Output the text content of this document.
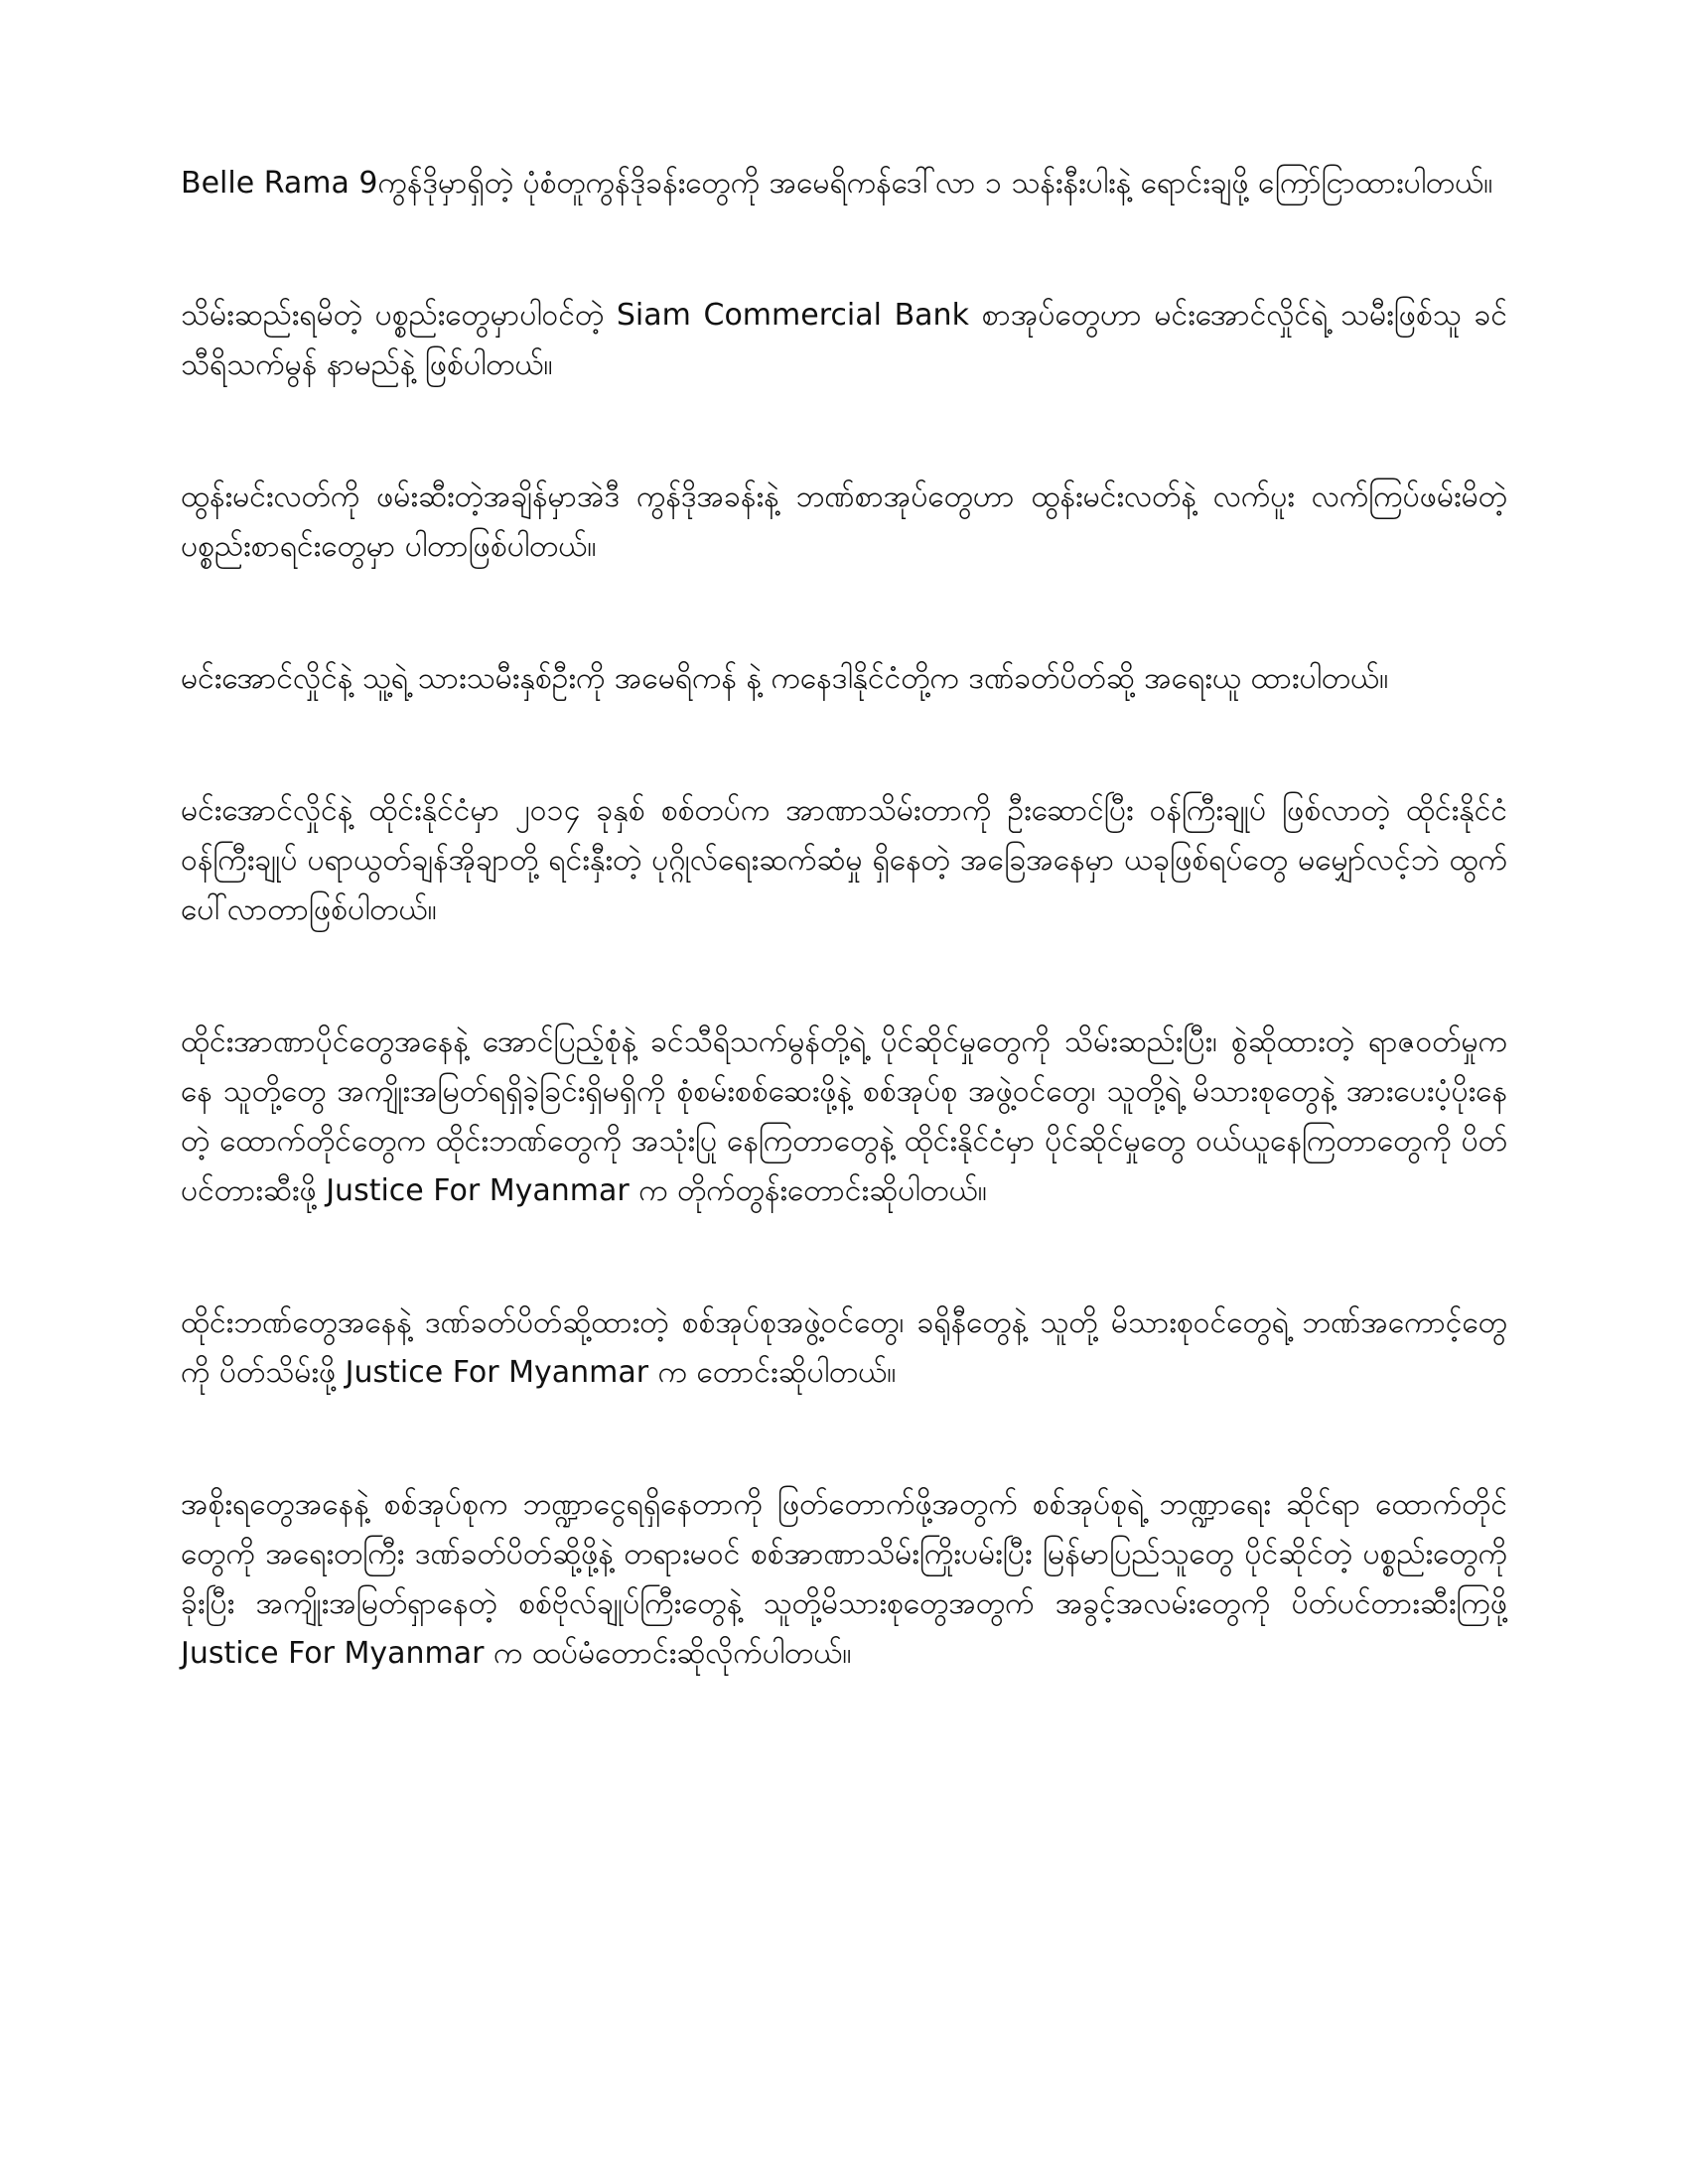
Belle Rama 9ကွန်ဒိုမှာရှိတဲ့ ပုံစံတူကွန်ဒိုခန်းတွေကို အမေရိကန်ဒေါ်လာ ၁ သန်းနီးပါးနဲ့ ရောင်းချဖို့ ကြော်ငြာထားပါတယ်။

သိမ်းဆည်းရမိတဲ့ ပစ္စည်းတွေမှာပါဝင်တဲ့ Siam Commercial Bank စာအုပ်တွေဟာ မင်းအောင်လှိုင်ရဲ့ သမီးဖြစ်သူ ခင်သီရိသက်မွန် နာမည်နဲ့ ဖြစ်ပါတယ်။

ထွန်းမင်းလတ်ကို ဖမ်းဆီးတဲ့အချိန်မှာအဲဒီ ကွန်ဒိုအခန်းနဲ့ ဘဏ်စာအုပ်တွေဟာ ထွန်းမင်းလတ်နဲ့ လက်ပူး လက်ကြပ်ဖမ်းမိတဲ့ ပစ္စည်းစာရင်းတွေမှာ ပါတာဖြစ်ပါတယ်။

မင်းအောင်လှိုင်နဲ့ သူ့ရဲ့ သားသမီးနှစ်ဦးကို အမေရိကန် နဲ့ ကနေဒါနိုင်ငံတို့က ဒဏ်ခတ်ပိတ်ဆို့ အရေးယူ ထားပါတယ်။

မင်းအောင်လှိုင်နဲ့ ထိုင်းနိုင်ငံမှာ ၂၀၁၄ ခုနှစ် စစ်တပ်က အာဏာသိမ်းတာကို ဦးဆောင်ပြီး ဝန်ကြီးချုပ် ဖြစ်လာတဲ့ ထိုင်းနိုင်ငံဝန်ကြီးချုပ် ပရာယွတ်ချန်အိုချာတို့ ရင်းနှီးတဲ့ ပုဂ္ဂိုလ်ရေးဆက်ဆံမှု ရှိနေတဲ့ အခြေအနေမှာ ယခုဖြစ်ရပ်တွေ မမျှော်လင့်ဘဲ ထွက်ပေါ်လာတာဖြစ်ပါတယ်။

ထိုင်းအာဏာပိုင်တွေအနေနဲ့ အောင်ပြည့်စုံနဲ့ ခင်သီရိသက်မွန်တို့ရဲ့ ပိုင်ဆိုင်မှုတွေကို သိမ်းဆည်းပြီး၊ စွဲဆိုထားတဲ့ ရာဇဝတ်မှုကနေ သူတို့တွေ အကျိုးအမြတ်ရရှိခဲ့ခြင်းရှိမရှိကို စုံစမ်းစစ်ဆေးဖို့နဲ့ စစ်အုပ်စု အဖွဲ့ဝင်တွေ၊ သူတို့ရဲ့ မိသားစုတွေနဲ့ အားပေးပံ့ပိုးနေတဲ့ ထောက်တိုင်တွေက ထိုင်းဘဏ်တွေကို အသုံးပြု နေကြတာတွေနဲ့ ထိုင်းနိုင်ငံမှာ ပိုင်ဆိုင်မှုတွေ ဝယ်ယူနေကြတာတွေကို ပိတ်ပင်တားဆီးဖို့ Justice For Myanmar က တိုက်တွန်းတောင်းဆိုပါတယ်။

ထိုင်းဘဏ်တွေအနေနဲ့ ဒဏ်ခတ်ပိတ်ဆို့ထားတဲ့ စစ်အုပ်စုအဖွဲ့ဝင်တွေ၊ ခရိုနီတွေနဲ့ သူတို့ မိသားစုဝင်တွေရဲ့ ဘဏ်အကောင့်တွေကို ပိတ်သိမ်းဖို့ Justice For Myanmar က တောင်းဆိုပါတယ်။

အစိုးရတွေအနေနဲ့ စစ်အုပ်စုက ဘဏ္ဍာငွေရရှိနေတာကို ဖြတ်တောက်ဖို့အတွက် စစ်အုပ်စုရဲ့ ဘဏ္ဍာရေး ဆိုင်ရာ ထောက်တိုင်တွေကို အရေးတကြီး ဒဏ်ခတ်ပိတ်ဆို့ဖို့နဲ့ တရားမဝင် စစ်အာဏာသိမ်းကြိုးပမ်းပြီး မြန်မာပြည်သူတွေ ပိုင်ဆိုင်တဲ့ ပစ္စည်းတွေကို ခိုးပြီး အကျိုးအမြတ်ရှာနေတဲ့ စစ်ဗိုလ်ချုပ်ကြီးတွေနဲ့ သူတို့မိသားစုတွေအတွက် အခွင့်အလမ်းတွေကို ပိတ်ပင်တားဆီးကြဖို့ Justice For Myanmar က ထပ်မံတောင်းဆိုလိုက်ပါတယ်။
